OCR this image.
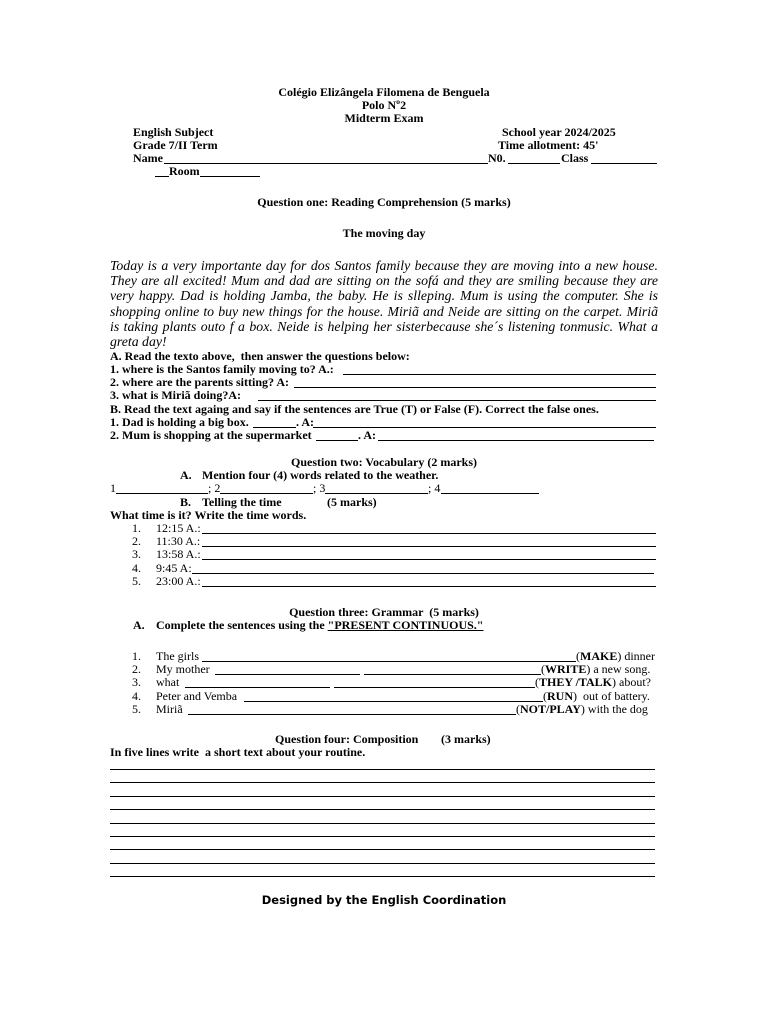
Colégio Elizângela Filomena de Benguela
Polo Nº2
Midterm Exam
English Subject	School year 2024/2025
Grade 7/II Term	Time allotment: 45'
Name	N0.	Class
Room
Question one: Reading Comprehension (5 marks)
The moving day

Today is a very importante day for dos Santos family because they are moving into a new house. They are all excited! Mum and dad are sitting on the sofá and they are smiling because they are very happy. Dad is holding Jamba, the baby. He is slleping. Mum is using the computer. She is shopping online to buy new things for the house. Miriã and Neide are sitting on the carpet. Miriã is taking plants outo f a box. Neide is helping her sisterbecause she´s listening tonmusic. What a greta day!

A. Read the texto above,  then answer the questions below:
1. where is the Santos family moving to? A.:
2. where are the parents sitting? A:
3. what is Miriã doing?A:
B. Read the text againg and say if the sentences are True (T) or False (F). Correct the false ones.
1. Dad is holding a big box.	. A:
2. Mum is shopping at the supermarket	. A:
Question two: Vocabulary (2 marks)
A. Mention four (4) words related to the weather.
1	; 2	; 3	; 4
B. Telling the time	(5 marks)
What time is it? Write the time words.
1. 12:15 A.:
2. 11:30 A.:
3. 13:58 A.:
4. 9:45 A:
5. 23:00 A.:
Question three: Grammar  (5 marks)
A. Complete the sentences using the "PRESENT CONTINUOUS."
1. The girls	(MAKE) dinner
2. My mother	(WRITE) a new song.
3. what	(THEY /TALK) about?
4. Peter and Vemba	(RUN)  out of battery.
5. Miriã	(NOT/PLAY) with the dog
Question four: Composition (3 marks)
In five lines write  a short text about your routine.
Designed by the English Coordination
